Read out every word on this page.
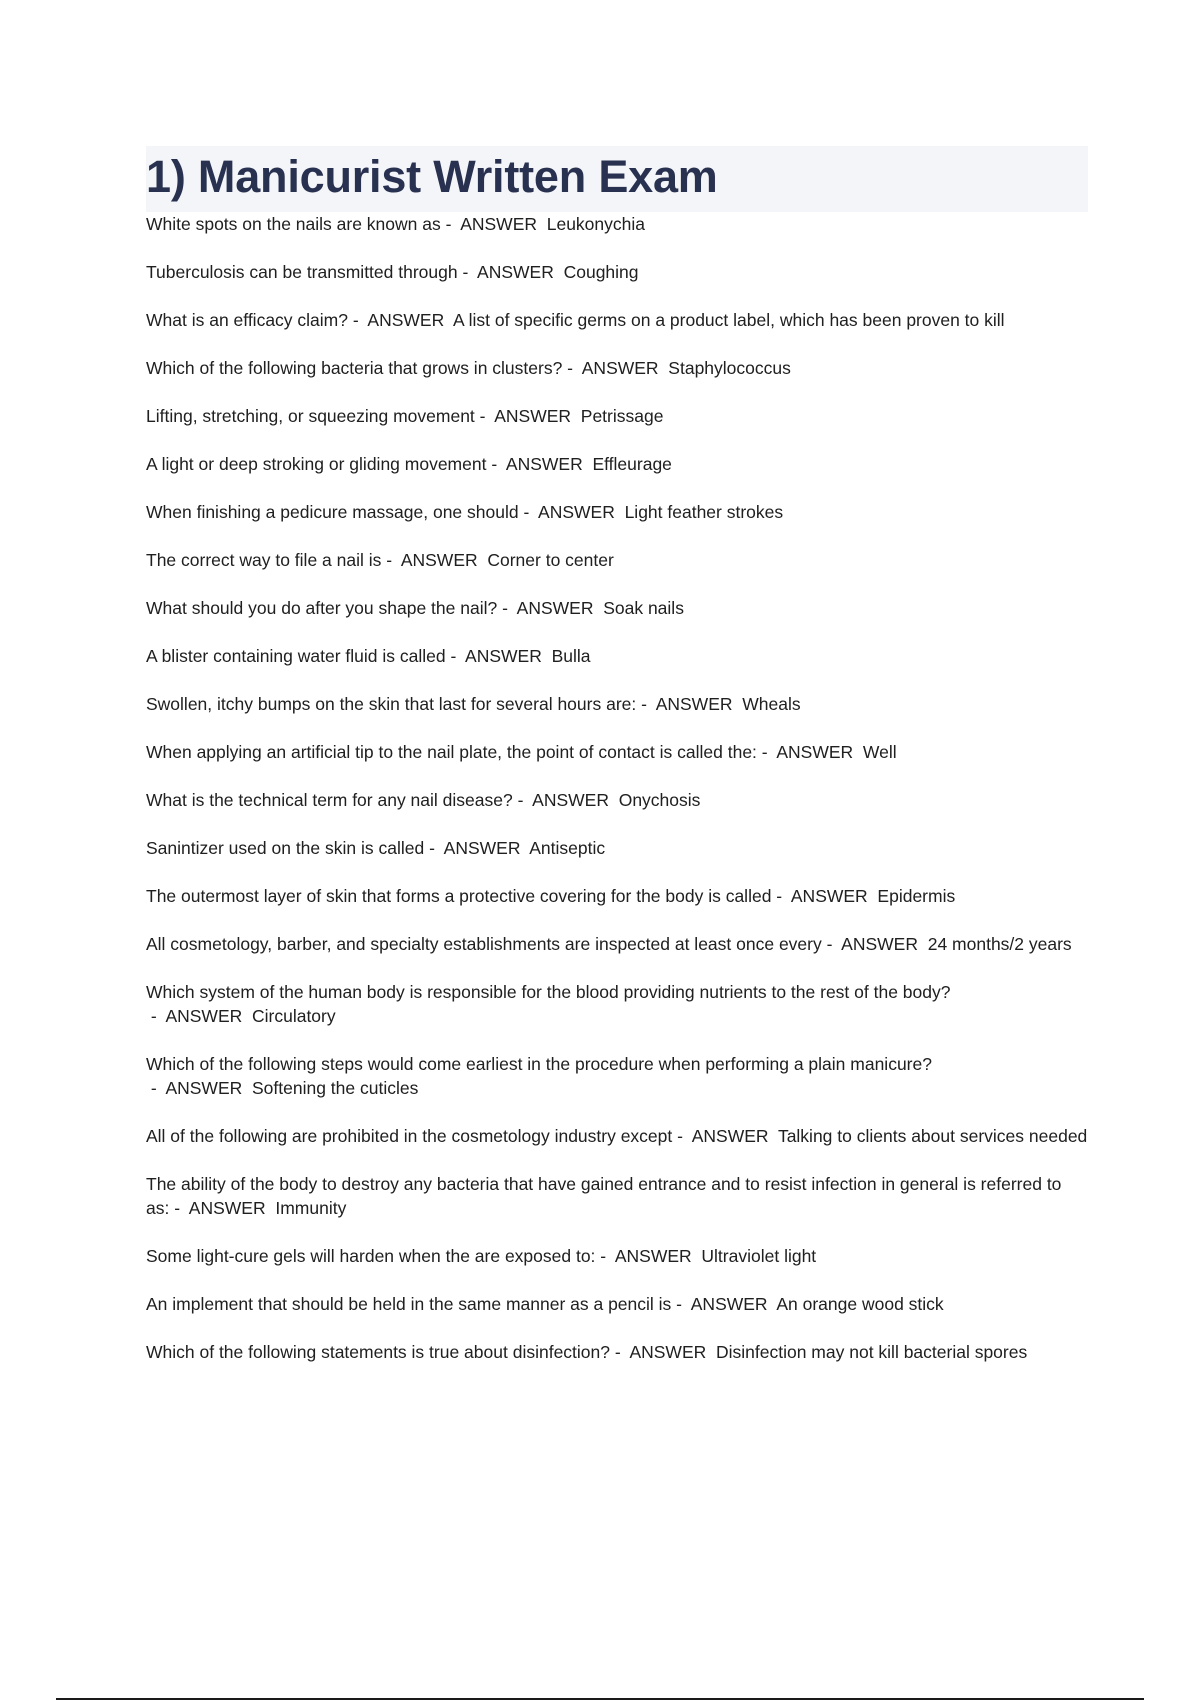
1) Manicurist Written Exam
White spots on the nails are known as -  ANSWER  Leukonychia
Tuberculosis can be transmitted through -  ANSWER  Coughing
What is an efficacy claim? -  ANSWER  A list of specific germs on a product label, which has been proven to kill
Which of the following bacteria that grows in clusters? -  ANSWER  Staphylococcus
Lifting, stretching, or squeezing movement -  ANSWER  Petrissage
A light or deep stroking or gliding movement -  ANSWER  Effleurage
When finishing a pedicure massage, one should -  ANSWER  Light feather strokes
The correct way to file a nail is -  ANSWER  Corner to center
What should you do after you shape the nail? -  ANSWER  Soak nails
A blister containing water fluid is called -  ANSWER  Bulla
Swollen, itchy bumps on the skin that last for several hours are: -  ANSWER  Wheals
When applying an artificial tip to the nail plate, the point of contact is called the: -  ANSWER  Well
What is the technical term for any nail disease? -  ANSWER  Onychosis
Sanintizer used on the skin is called -  ANSWER  Antiseptic
The outermost layer of skin that forms a protective covering for the body is called -  ANSWER  Epidermis
All cosmetology, barber, and specialty establishments are inspected at least once every -  ANSWER  24 months/2 years
Which system of the human body is responsible for the blood providing nutrients to the rest of the body? -  ANSWER  Circulatory
Which of the following steps would come earliest in the procedure when performing a plain manicure? -  ANSWER  Softening the cuticles
All of the following are prohibited in the cosmetology industry except -  ANSWER  Talking to clients about services needed
The ability of the body to destroy any bacteria that have gained entrance and to resist infection in general is referred to as: -  ANSWER  Immunity
Some light-cure gels will harden when the are exposed to: -  ANSWER  Ultraviolet light
An implement that should be held in the same manner as a pencil is -  ANSWER  An orange wood stick
Which of the following statements is true about disinfection? -  ANSWER  Disinfection may not kill bacterial spores
